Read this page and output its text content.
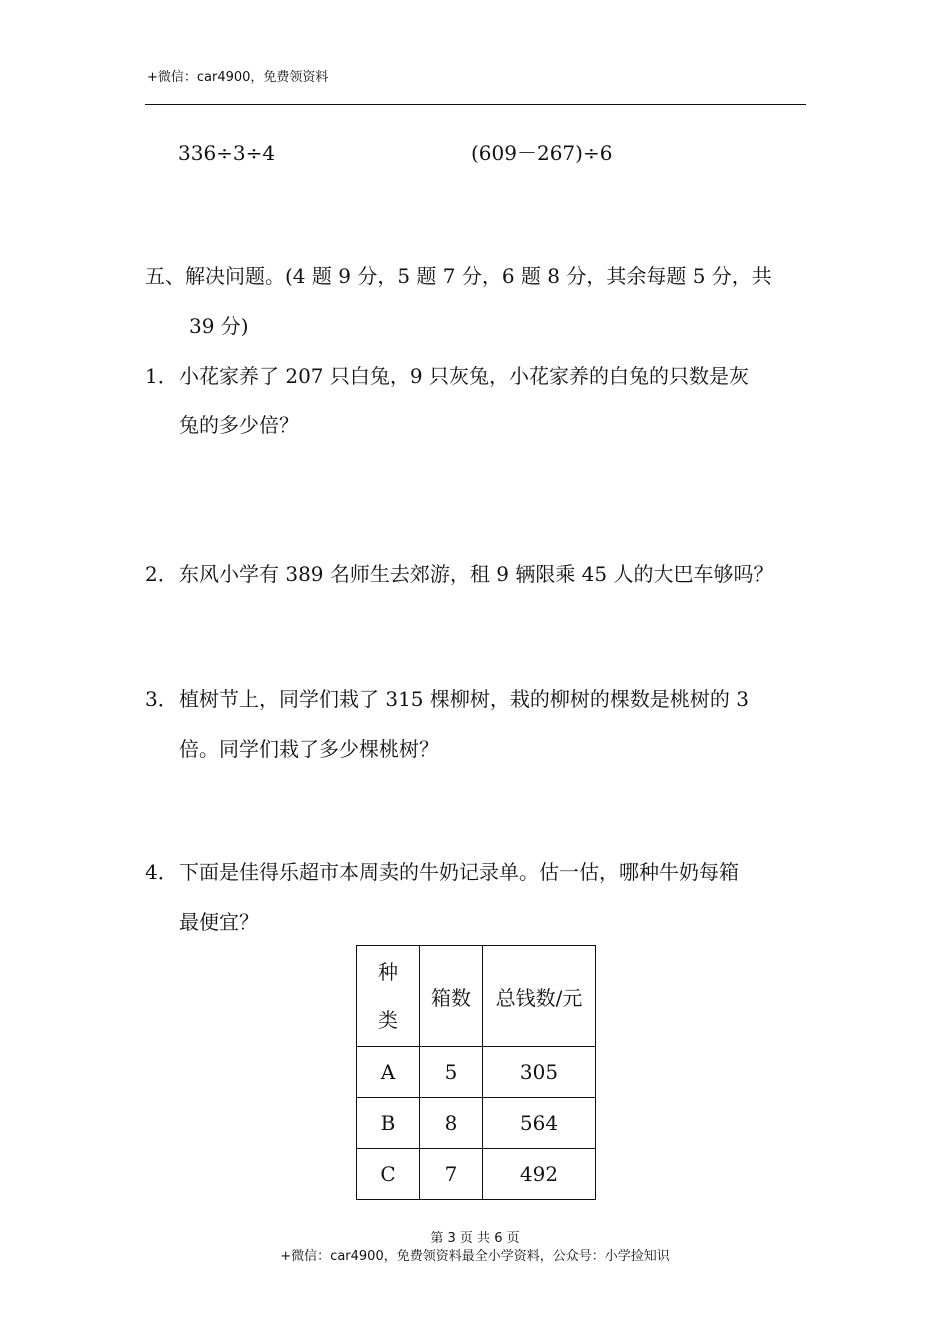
+微信：car4900，免费领资料
336÷3÷4	(609－267)÷6
五、解决问题。(4 题 9 分，5 题 7 分，6 题 8 分，其余每题 5 分，共
39 分)
1． 小花家养了 207 只白兔，9 只灰兔，小花家养的白兔的只数是灰
兔的多少倍？
2． 东风小学有 389 名师生去郊游，租 9 辆限乘 45 人的大巴车够吗？
3． 植树节上，同学们栽了 315 棵柳树，栽的柳树的棵数是桃树的 3
倍。同学们栽了多少棵桃树？
4． 下面是佳得乐超市本周卖的牛奶记录单。估一估，哪种牛奶每箱
最便宜？
种
类	箱数	总钱数/元
A	5	305
B	8	564
C	7	492
第 3 页 共 6 页
+微信：car4900，免费领资料最全小学资料，公众号：小学捡知识
